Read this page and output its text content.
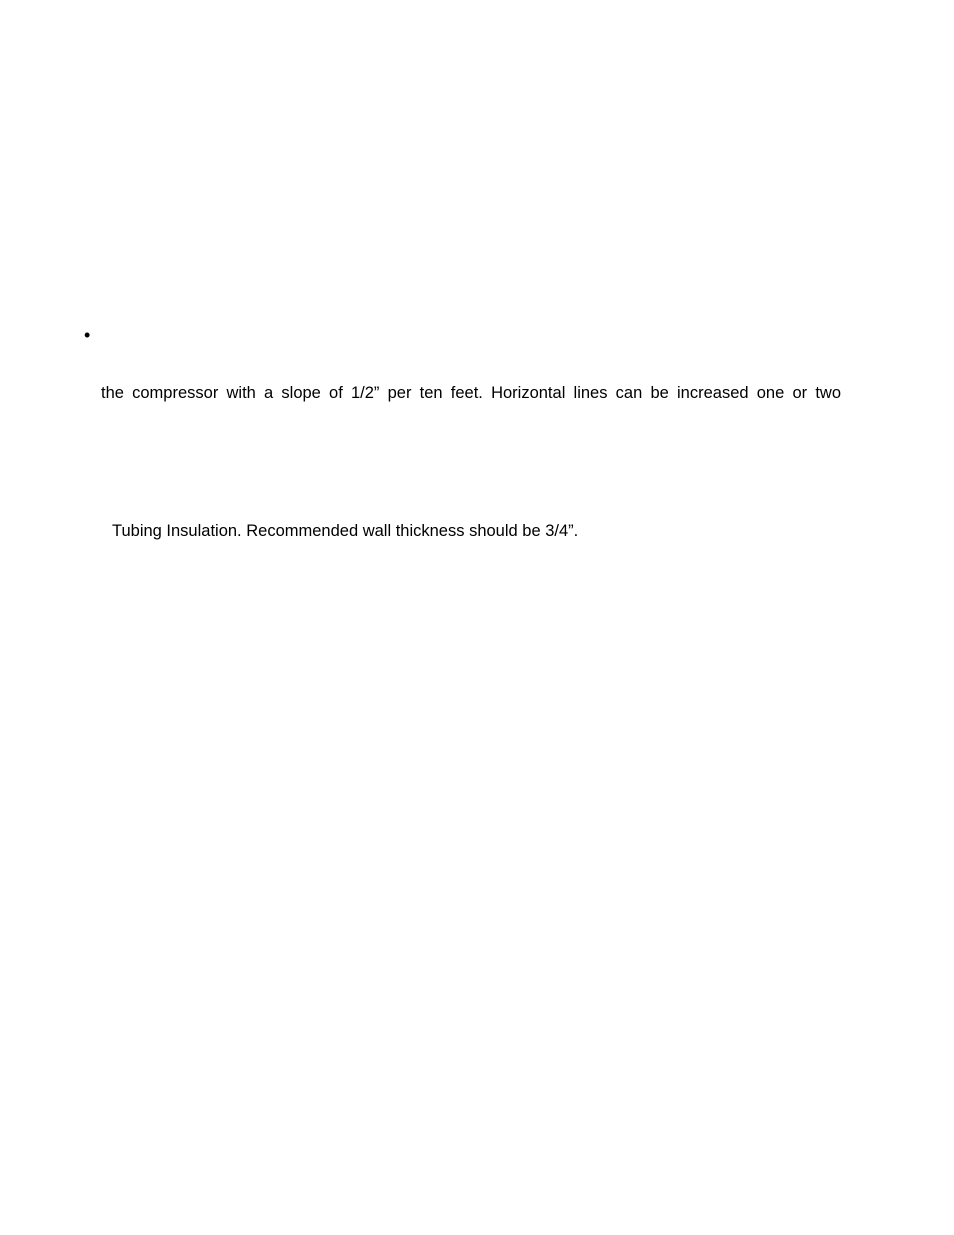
•
the compressor with a slope of 1/2” per ten feet. Horizontal lines can be increased one or two
Tubing Insulation. Recommended wall thickness should be 3/4”.
